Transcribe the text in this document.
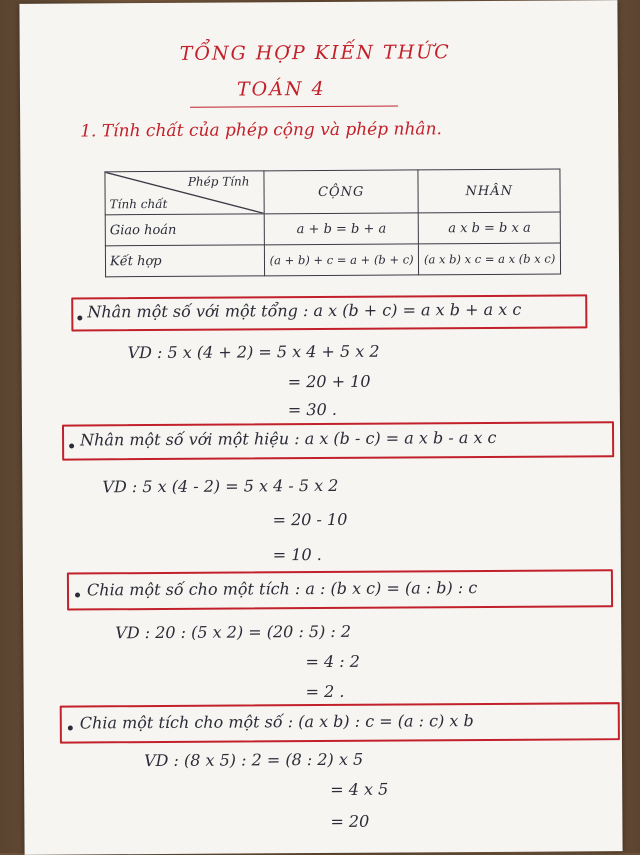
TỔNG HỢP KIẾN THỨC
TOÁN 4
1. Tính chất của phép cộng và phép nhân.
Phép Tính
Tính chất	CỘNG	NHÂN
Giao hoán	a + b = b + a	a x b = b x a
Kết hợp	(a + b) + c = a + (b + c)	(a x b) x c = a x (b x c)
Nhân một số với một tổng : a x (b + c) = a x b + a x c
VD : 5 x (4 + 2) = 5 x 4 + 5 x 2
= 20 + 10
= 30 .
Nhân một số với một hiệu : a x (b - c) = a x b - a x c
VD : 5 x (4 - 2) = 5 x 4 - 5 x 2
= 20 - 10
= 10 .
Chia một số cho một tích : a : (b x c) = (a : b) : c
VD : 20 : (5 x 2) = (20 : 5) : 2
= 4 : 2
= 2 .
Chia một tích cho một số : (a x b) : c = (a : c) x b
VD : (8 x 5) : 2 = (8 : 2) x 5
= 4 x 5
= 20
